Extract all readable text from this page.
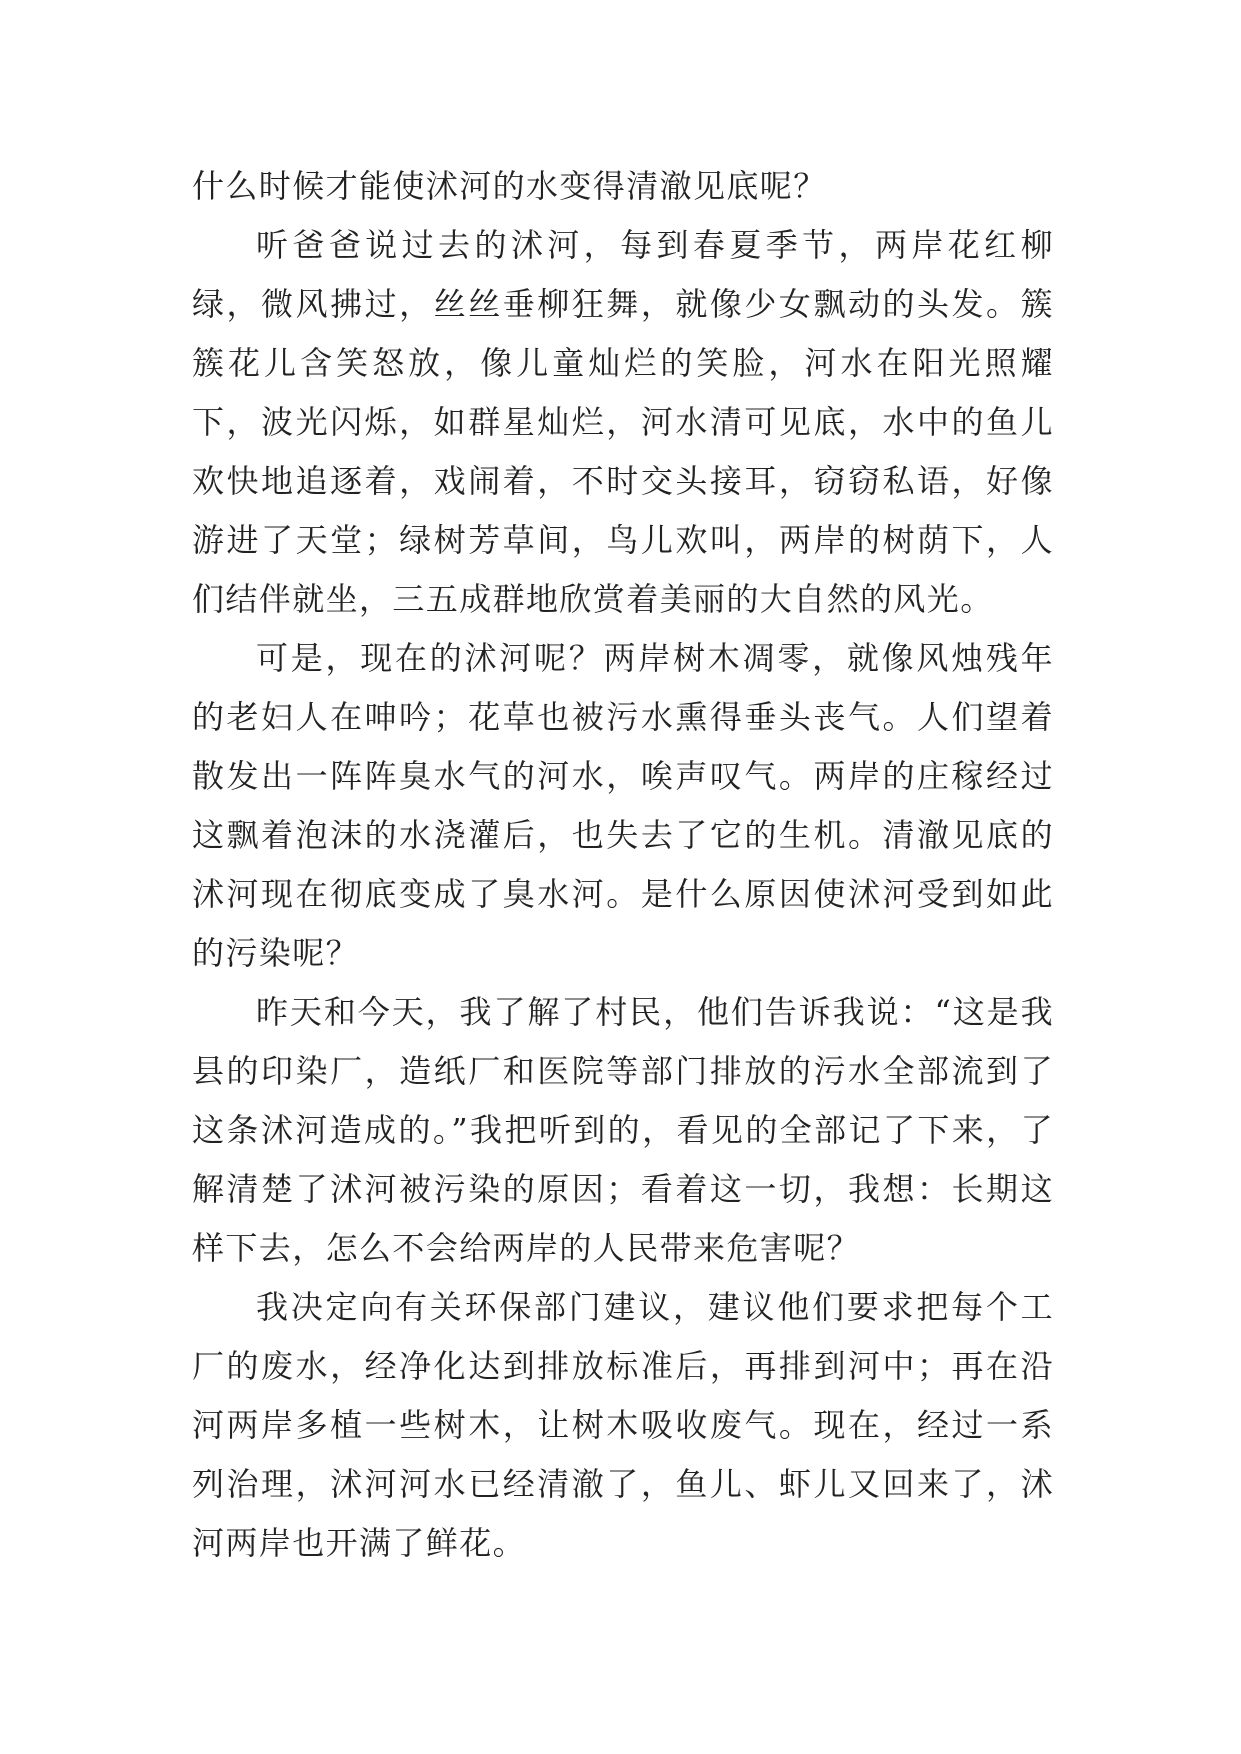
什么时候才能使沭河的水变得清澈见底呢？

听爸爸说过去的沭河，每到春夏季节，两岸花红柳绿，微风拂过，丝丝垂柳狂舞，就像少女飘动的头发。簇簇花儿含笑怒放，像儿童灿烂的笑脸，河水在阳光照耀下，波光闪烁，如群星灿烂，河水清可见底，水中的鱼儿欢快地追逐着，戏闹着，不时交头接耳，窃窃私语，好像游进了天堂；绿树芳草间，鸟儿欢叫，两岸的树荫下，人们结伴就坐，三五成群地欣赏着美丽的大自然的风光。

可是，现在的沭河呢？两岸树木凋零，就像风烛残年的老妇人在呻吟；花草也被污水熏得垂头丧气。人们望着散发出一阵阵臭水气的河水，唉声叹气。两岸的庄稼经过这飘着泡沫的水浇灌后，也失去了它的生机。清澈见底的沭河现在彻底变成了臭水河。是什么原因使沭河受到如此的污染呢？

昨天和今天，我了解了村民，他们告诉我说：“这是我县的印染厂，造纸厂和医院等部门排放的污水全部流到了这条沭河造成的。”我把听到的，看见的全部记了下来，了解清楚了沭河被污染的原因；看着这一切，我想：长期这样下去，怎么不会给两岸的人民带来危害呢？

我决定向有关环保部门建议，建议他们要求把每个工厂的废水，经净化达到排放标准后，再排到河中；再在沿河两岸多植一些树木，让树木吸收废气。现在，经过一系列治理，沭河河水已经清澈了，鱼儿、虾儿又回来了，沭河两岸也开满了鲜花。
